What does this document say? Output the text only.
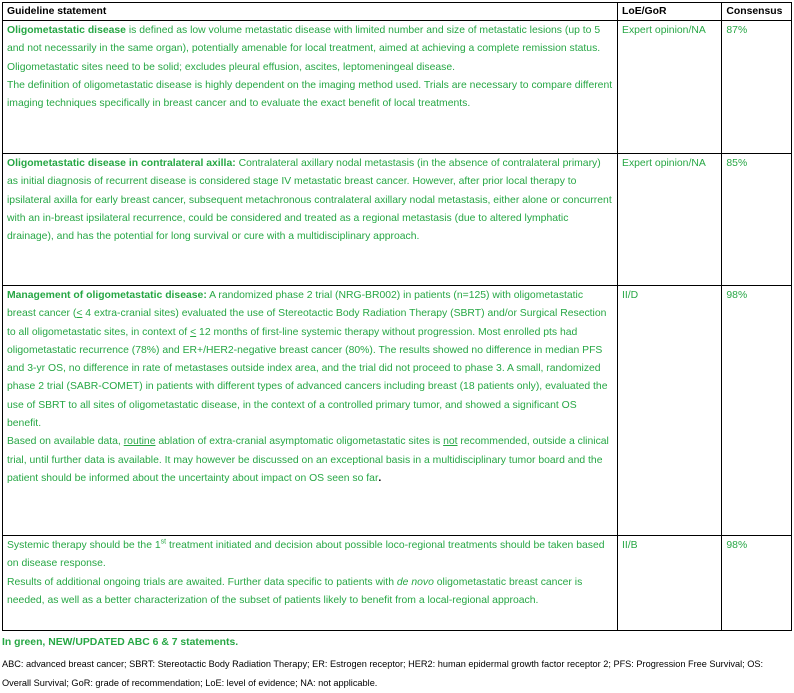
Guideline statement	LoE/GoR	Consensus

Oligometastatic disease is defined as low volume metastatic disease with limited number and size of metastatic lesions (up to 5 and not necessarily in the same organ), potentially amenable for local treatment, aimed at achieving a complete remission status. Oligometastatic sites need to be solid; excludes pleural effusion, ascites, leptomeningeal disease.

The definition of oligometastatic disease is highly dependent on the imaging method used. Trials are necessary to compare different imaging techniques specifically in breast cancer and to evaluate the exact benefit of local treatments.	Expert opinion/NA	87%

Oligometastatic disease in contralateral axilla: Contralateral axillary nodal metastasis (in the absence of contralateral primary) as initial diagnosis of recurrent disease is considered stage IV metastatic breast cancer. However, after prior local therapy to ipsilateral axilla for early breast cancer, subsequent metachronous contralateral axillary nodal metastasis, either alone or concurrent with an in-breast ipsilateral recurrence, could be considered and treated as a regional metastasis (due to altered lymphatic drainage), and has the potential for long survival or cure with a multidisciplinary approach.	Expert opinion/NA	85%

Management of oligometastatic disease: A randomized phase 2 trial (NRG-BR002) in patients (n=125) with oligometastatic breast cancer (≤ 4 extra-cranial sites) evaluated the use of Stereotactic Body Radiation Therapy (SBRT) and/or Surgical Resection to all oligometastatic sites, in context of ≤ 12 months of first-line systemic therapy without progression. Most enrolled pts had oligometastatic recurrence (78%) and ER+/HER2-negative breast cancer (80%). The results showed no difference in median PFS and 3-yr OS, no difference in rate of metastases outside index area, and the trial did not proceed to phase 3. A small, randomized phase 2 trial (SABR-COMET) in patients with different types of advanced cancers including breast (18 patients only), evaluated the use of SBRT to all sites of oligometastatic disease, in the context of a controlled primary tumor, and showed a significant OS benefit.

Based on available data, routine ablation of extra-cranial asymptomatic oligometastatic sites is not recommended, outside a clinical trial, until further data is available. It may however be discussed on an exceptional basis in a multidisciplinary tumor board and the patient should be informed about the uncertainty about impact on OS seen so far.	II/D	98%

Systemic therapy should be the 1st treatment initiated and decision about possible loco-regional treatments should be taken based on disease response.

Results of additional ongoing trials are awaited. Further data specific to patients with de novo oligometastatic breast cancer is needed, as well as a better characterization of the subset of patients likely to benefit from a local-regional approach.	II/B	98%
In green, NEW/UPDATED ABC 6 & 7 statements.
ABC: advanced breast cancer; SBRT: Stereotactic Body Radiation Therapy; ER: Estrogen receptor; HER2: human epidermal growth factor receptor 2; PFS: Progression Free Survival; OS: Overall Survival; GoR: grade of recommendation; LoE: level of evidence; NA: not applicable.
